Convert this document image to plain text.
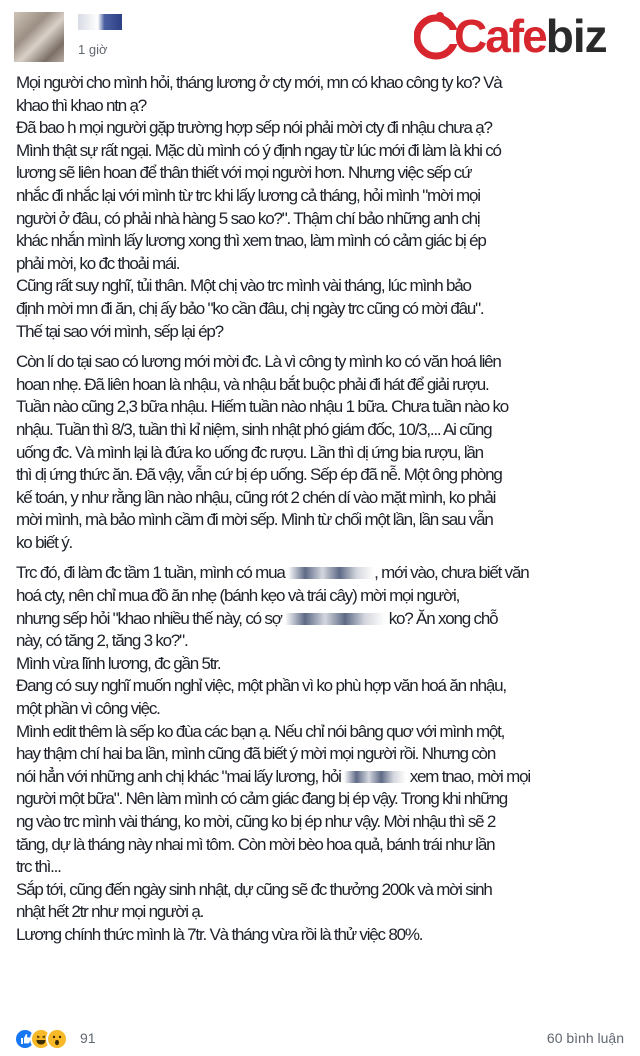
1 giờ	Cafebiz
Mọi người cho mình hỏi, tháng lương ở cty mới, mn có khao công ty ko? Và
khao thì khao ntn ạ?
Đã bao h mọi người gặp trường hợp sếp nói phải mời cty đi nhậu chưa ạ?
Mình thật sự rất ngại. Mặc dù mình có ý định ngay từ lúc mới đi làm là khi có
lương sẽ liên hoan để thân thiết với mọi người hơn. Nhưng việc sếp cứ
nhắc đi nhắc lại với mình từ trc khi lấy lương cả tháng, hỏi mình "mời mọi
người ở đâu, có phải nhà hàng 5 sao ko?". Thậm chí bảo những anh chị
khác nhắn mình lấy lương xong thì xem tnao, làm mình có cảm giác bị ép
phải mời, ko đc thoải mái.
Cũng rất suy nghĩ, tủi thân. Một chị vào trc mình vài tháng, lúc mình bảo
định mời mn đi ăn, chị ấy bảo "ko cần đâu, chị ngày trc cũng có mời đâu".
Thế tại sao với mình, sếp lại ép?
Còn lí do tại sao có lương mới mời đc. Là vì công ty mình ko có văn hoá liên
hoan nhẹ. Đã liên hoan là nhậu, và nhậu bắt buộc phải đi hát để giải rượu.
Tuần nào cũng 2,3 bữa nhậu. Hiếm tuần nào nhậu 1 bữa. Chưa tuần nào ko
nhậu. Tuần thì 8/3, tuần thì kỉ niệm, sinh nhật phó giám đốc, 10/3,... Ai cũng
uống đc. Và mình lại là đứa ko uống đc rượu. Lần thì dị ứng bia rượu, lần
thì dị ứng thức ăn. Đã vậy, vẫn cứ bị ép uống. Sếp ép đã nễ. Một ông phòng
kế toán, y như rằng lần nào nhậu, cũng rót 2 chén dí vào mặt mình, ko phải
mời mình, mà bảo mình cầm đi mời sếp. Mình từ chối một lần, lần sau vẫn
ko biết ý.
Trc đó, đi làm đc tầm 1 tuần, mình có mua	, mới vào, chưa biết văn
hoá cty, nên chỉ mua đồ ăn nhẹ (bánh kẹo và trái cây) mời mọi người,
nhưng sếp hỏi "khao nhiều thế này, có sợ	ko? Ăn xong chỗ
này, có tăng 2, tăng 3 ko?".
Mình vừa lĩnh lương, đc gần 5tr.
Đang có suy nghĩ muốn nghỉ việc, một phần vì ko phù hợp văn hoá ăn nhậu,
một phần vì công việc.
Mình edit thêm là sếp ko đùa các bạn ạ. Nếu chỉ nói bâng quơ với mình một,
hay thậm chí hai ba lần, mình cũng đã biết ý mời mọi người rồi. Nhưng còn
nói hẳn với những anh chị khác "mai lấy lương, hỏi	xem tnao, mời mọi
người một bữa". Nên làm mình có cảm giác đang bị ép vậy. Trong khi những
ng vào trc mình vài tháng, ko mời, cũng ko bị ép như vậy. Mời nhậu thì sẽ 2
tăng, dự là tháng này nhai mì tôm. Còn mời bèo hoa quả, bánh trái như lần
trc thì...
Sắp tới, cũng đến ngày sinh nhật, dự cũng sẽ đc thưởng 200k và mời sinh
nhật hết 2tr như mọi người ạ.
Lương chính thức mình là 7tr. Và tháng vừa rồi là thử việc 80%.
91	60 bình luận
